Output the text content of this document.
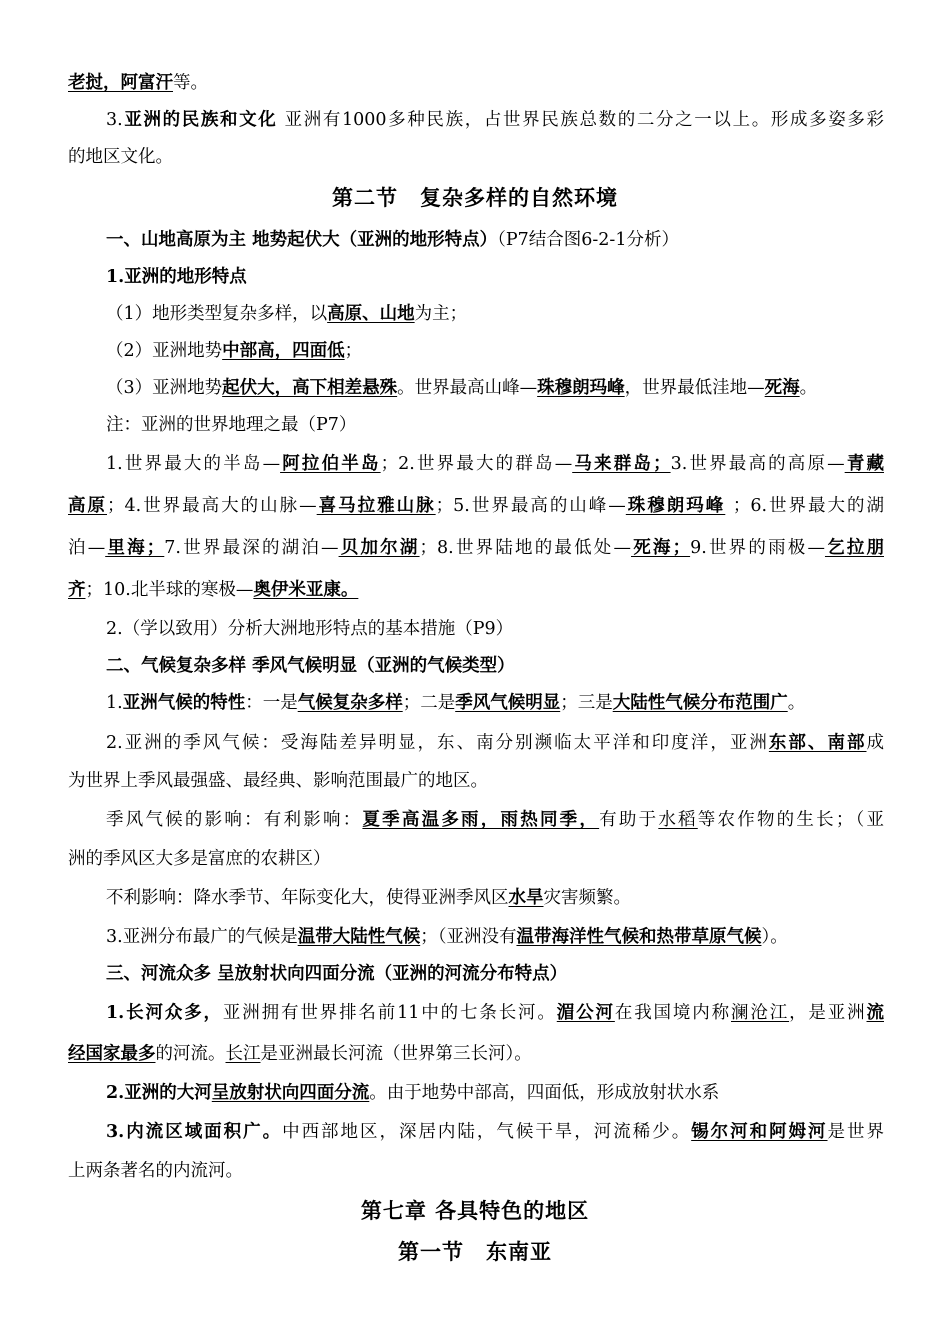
老挝，阿富汗等。
3.亚洲的民族和文化 亚洲有1000多种民族，占世界民族总数的二分之一以上。形成多姿多彩
的地区文化。
第二节　复杂多样的自然环境
一、山地高原为主 地势起伏大（亚洲的地形特点）（P7结合图6-2-1分析）
1.亚洲的地形特点
（1）地形类型复杂多样，以高原、山地为主；
（2）亚洲地势中部高，四面低；
（3）亚洲地势起伏大，高下相差悬殊。世界最高山峰—珠穆朗玛峰，世界最低洼地—死海。
注：亚洲的世界地理之最（P7）
1.世界最大的半岛—阿拉伯半岛；2.世界最大的群岛—马来群岛；3.世界最高的高原—青藏
高原；4.世界最高大的山脉—喜马拉雅山脉；5.世界最高的山峰—珠穆朗玛峰 ；6.世界最大的湖
泊—里海；7.世界最深的湖泊—贝加尔湖；8.世界陆地的最低处—死海；9.世界的雨极—乞拉朋
齐；10.北半球的寒极—奥伊米亚康。
2.（学以致用）分析大洲地形特点的基本措施（P9）
二、气候复杂多样 季风气候明显（亚洲的气候类型）
1.亚洲气候的特性：一是气候复杂多样；二是季风气候明显；三是大陆性气候分布范围广。
2.亚洲的季风气候：受海陆差异明显，东、南分别濒临太平洋和印度洋，亚洲东部、南部成
为世界上季风最强盛、最经典、影响范围最广的地区。
季风气候的影响：有利影响：夏季高温多雨，雨热同季，有助于水稻等农作物的生长；（亚
洲的季风区大多是富庶的农耕区）
不利影响：降水季节、年际变化大，使得亚洲季风区水旱灾害频繁。
3.亚洲分布最广的气候是温带大陆性气候；（亚洲没有温带海洋性气候和热带草原气候）。
三、河流众多 呈放射状向四面分流（亚洲的河流分布特点）
1.长河众多，亚洲拥有世界排名前11中的七条长河。湄公河在我国境内称澜沧江，是亚洲流
经国家最多的河流。长江是亚洲最长河流（世界第三长河）。
2.亚洲的大河呈放射状向四面分流。由于地势中部高，四面低，形成放射状水系
3.内流区域面积广。中西部地区，深居内陆，气候干旱，河流稀少。锡尔河和阿姆河是世界
上两条著名的内流河。
第七章 各具特色的地区
第一节　东南亚
